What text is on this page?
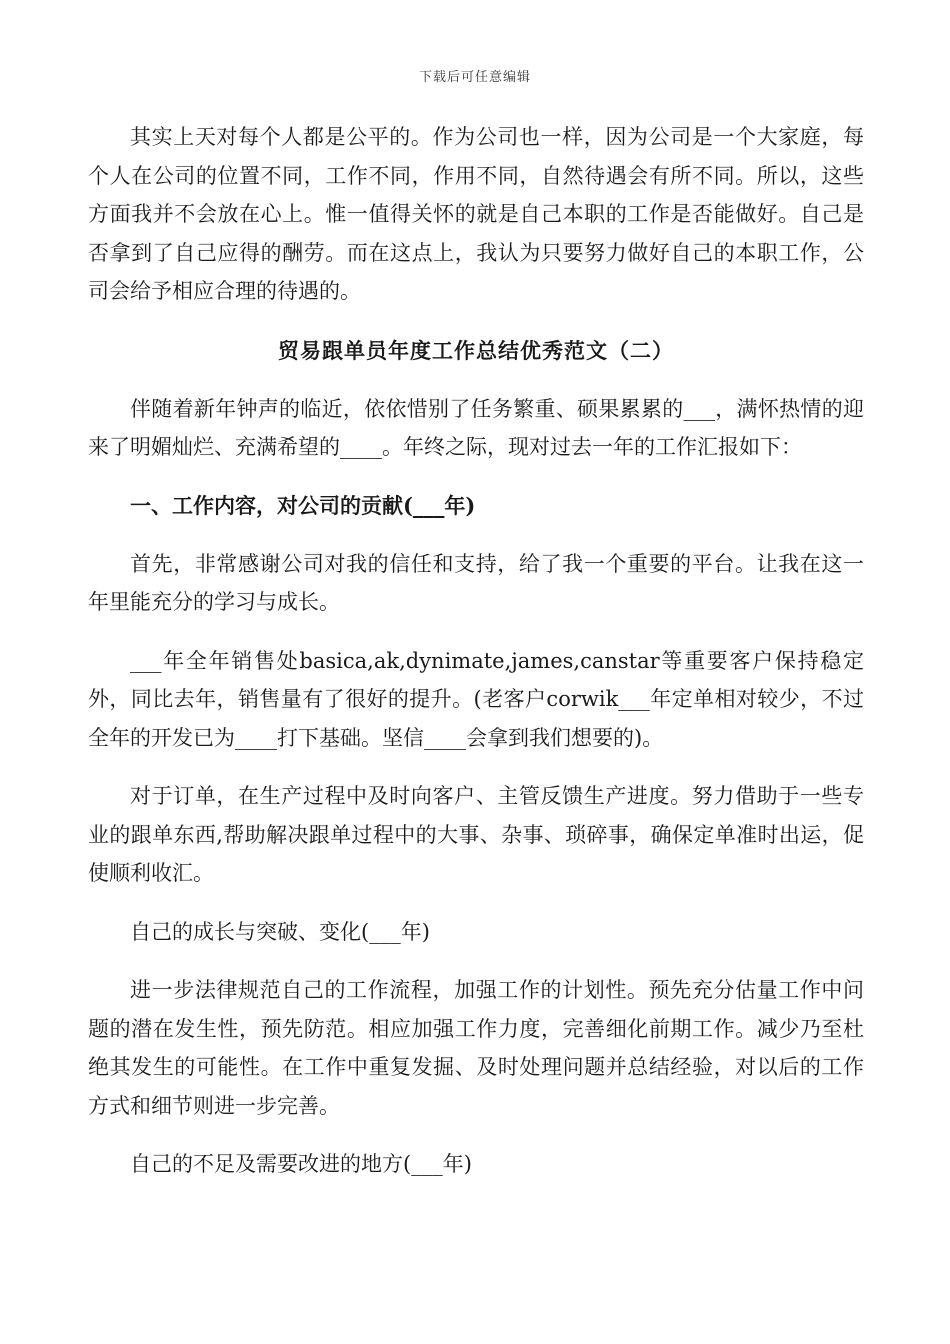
下载后可任意编辑

其实上天对每个人都是公平的。作为公司也一样，因为公司是一个大家庭，每个人在公司的位置不同，工作不同，作用不同，自然待遇会有所不同。所以，这些方面我并不会放在心上。惟一值得关怀的就是自己本职的工作是否能做好。自己是否拿到了自己应得的酬劳。而在这点上，我认为只要努力做好自己的本职工作，公司会给予相应合理的待遇的。

贸易跟单员年度工作总结优秀范文（二）

伴随着新年钟声的临近，依依惜别了任务繁重、硕果累累的___，满怀热情的迎来了明媚灿烂、充满希望的____。年终之际，现对过去一年的工作汇报如下：

一、工作内容，对公司的贡献(___年)

首先，非常感谢公司对我的信任和支持，给了我一个重要的平台。让我在这一年里能充分的学习与成长。

___年全年销售处basica,ak,dynimate,james,canstar等重要客户保持稳定外，同比去年，销售量有了很好的提升。(老客户corwik___年定单相对较少，不过全年的开发已为____打下基础。坚信____会拿到我们想要的)。

对于订单，在生产过程中及时向客户、主管反馈生产进度。努力借助于一些专业的跟单东西,帮助解决跟单过程中的大事、杂事、琐碎事，确保定单准时出运，促使顺利收汇。

自己的成长与突破、变化(___年)

进一步法律规范自己的工作流程，加强工作的计划性。预先充分估量工作中问题的潜在发生性，预先防范。相应加强工作力度，完善细化前期工作。减少乃至杜绝其发生的可能性。在工作中重复发掘、及时处理问题并总结经验，对以后的工作方式和细节则进一步完善。

自己的不足及需要改进的地方(___年)
